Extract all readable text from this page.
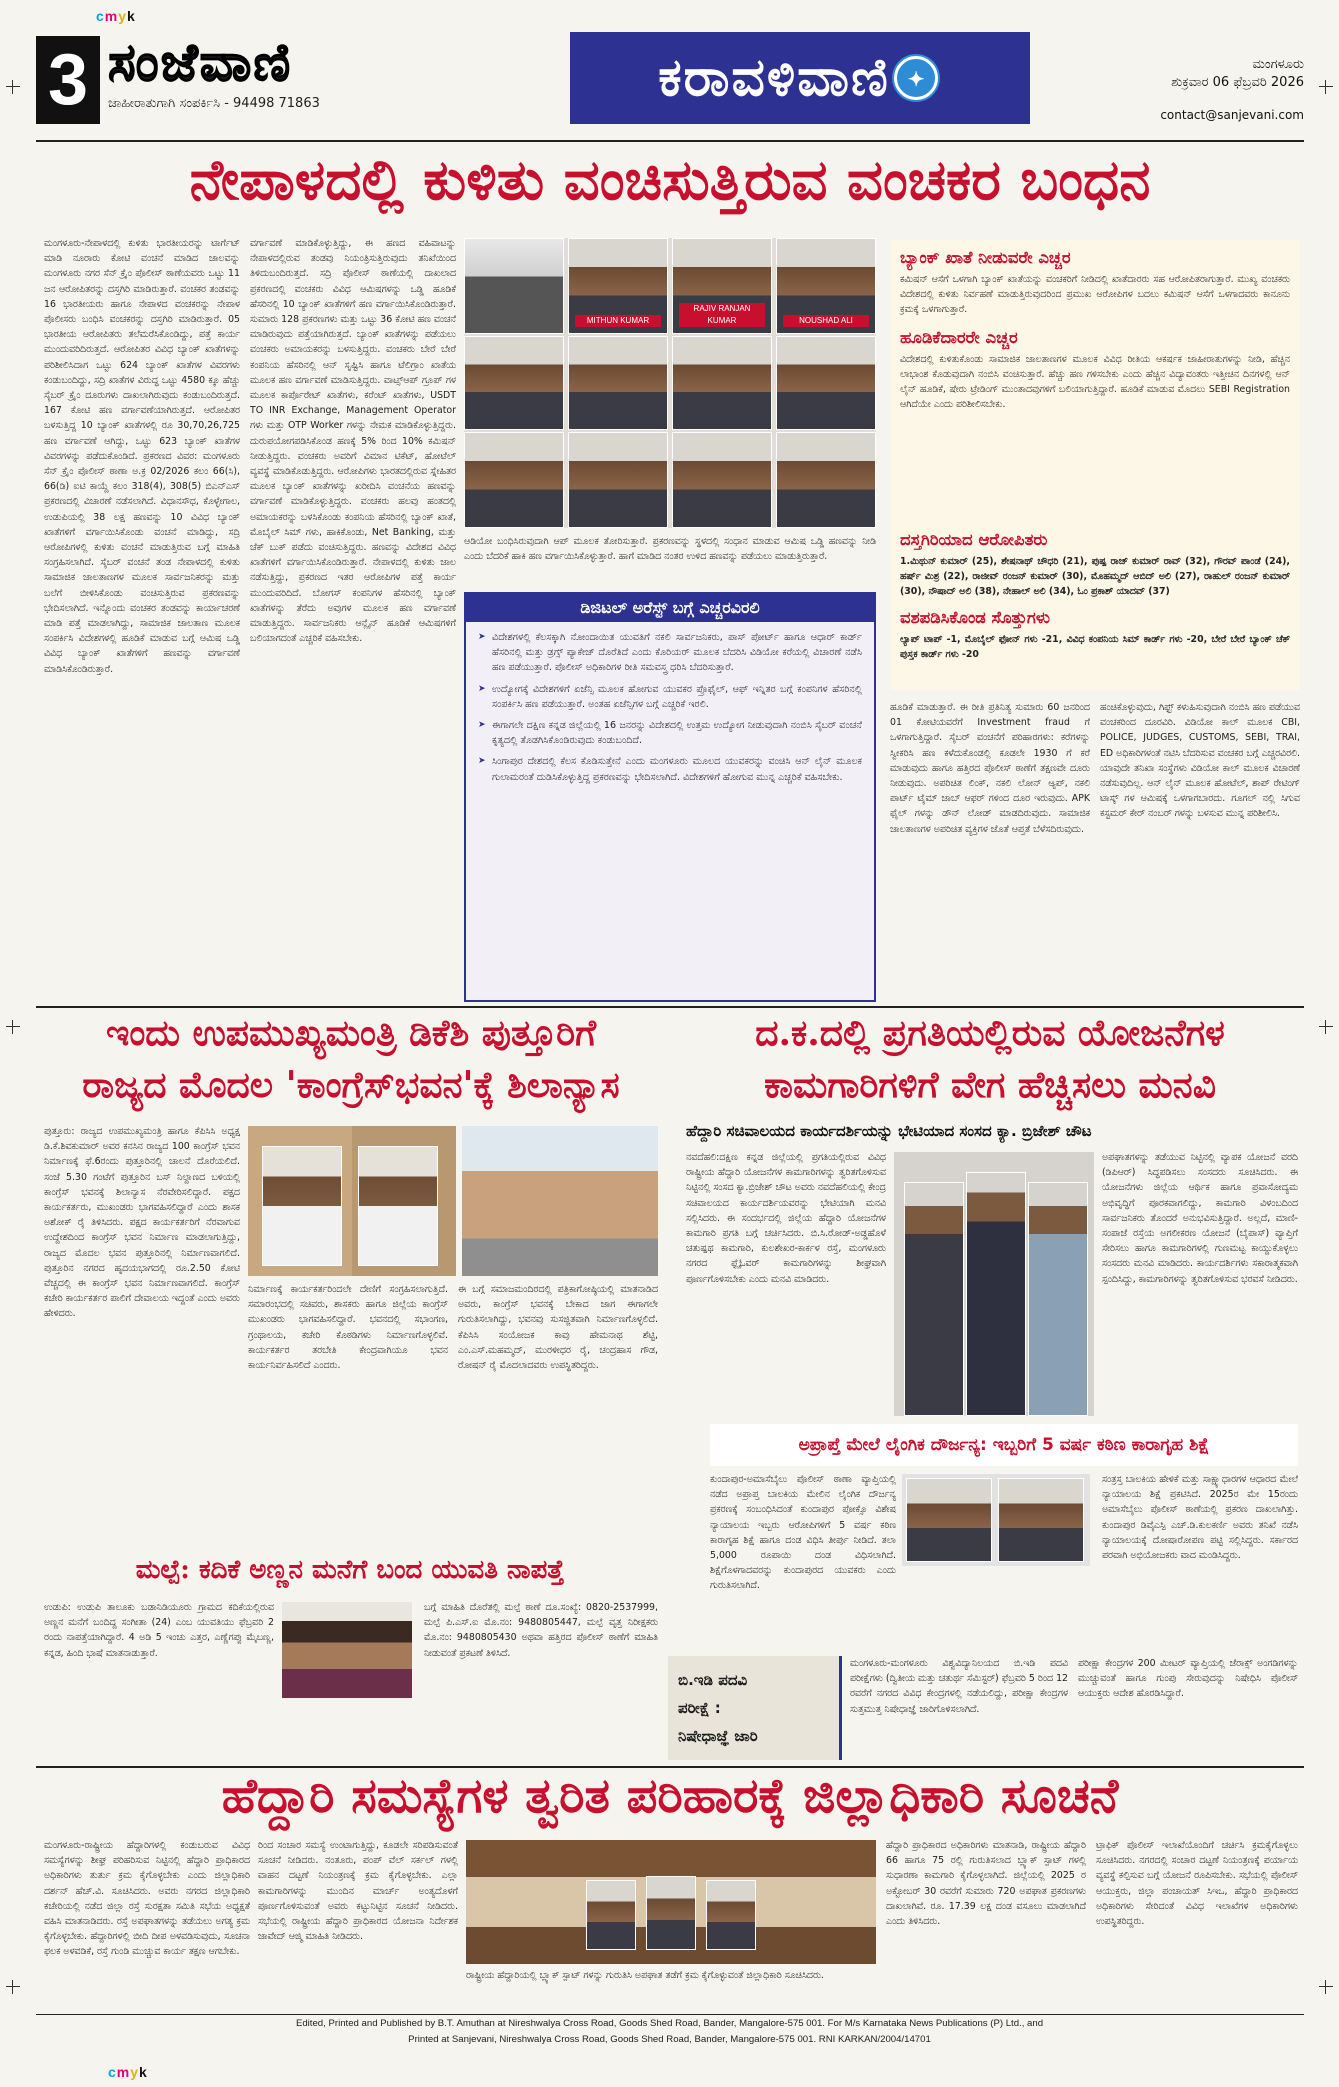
cmyk
cmyk
3 ಸಂಜೆವಾಣಿ
ಜಾಹೀರಾತುಗಾಗಿ ಸಂಪರ್ಕಿಸಿ - 94498 71863	ಕರಾವಳಿವಾಣಿ
✦	ಮಂಗಳೂರು
ಶುಕ್ರವಾರ 06 ಫೆಬ್ರವರಿ 2026
contact@sanjevani.com
ನೇಪಾಳದಲ್ಲಿ ಕುಳಿತು ವಂಚಿಸುತ್ತಿರುವ ವಂಚಕರ ಬಂಧನ
ಮಂಗಳೂರು-ನೇಪಾಳದಲ್ಲಿ ಕುಳಿತು ಭಾರತೀಯರನ್ನು ಟಾರ್ಗೆಟ್ ಮಾಡಿ ನೂರಾರು ಕೋಟಿ ವಂಚನೆ ಮಾಡಿದ ಜಾಲವನ್ನು ಮಂಗಳೂರು ನಗರ ಸೆನ್ ಕ್ರೈಂ ಪೊಲೀಸ್ ಠಾಣೆಯವರು ಒಟ್ಟು 11 ಜನ ಆರೋಪಿತರನ್ನು ದಸ್ತಗಿರಿ ಮಾಡಿರುತ್ತಾರೆ. ವಂಚಕರ ತಂಡವನ್ನು 16 ಭಾರತೀಯರು ಹಾಗೂ ನೇಪಾಳದ ವಂಚಕರನ್ನು ನೇಪಾಳ ಪೊಲೀಸರು ಬಂಧಿಸಿ ವಂಚಕರನ್ನು ದಸ್ತಗಿರಿ ಮಾಡಿರುತ್ತಾರೆ. 05 ಭಾರತೀಯ ಆರೋಪಿತರು ತಲೆಮರೆಸಿಕೊಂಡಿದ್ದು, ಪತ್ತೆ ಕಾರ್ಯ ಮುಂದುವರಿದಿರುತ್ತದೆ. ಆರೋಪಿತರ ವಿವಿಧ ಬ್ಯಾಂಕ್ ಖಾತೆಗಳನ್ನು ಪರಿಶೀಲಿಸಿದಾಗ ಒಟ್ಟು 624 ಬ್ಯಾಂಕ್ ಖಾತೆಗಳ ವಿವರಗಳು ಕಂಡುಬಂದಿದ್ದು, ಸದ್ರಿ ಖಾತೆಗಳ ವಿರುದ್ಧ ಒಟ್ಟು 4580 ಕ್ಕೂ ಹೆಚ್ಚು ಸೈಬರ್ ಕ್ರೈಂ ದೂರುಗಳು ದಾಖಲಾಗಿರುವುದು ಕಂಡುಬಂದಿರುತ್ತದೆ. 167 ಕೋಟಿ ಹಣ ವರ್ಗಾವಣೆಯಾಗಿರುತ್ತದೆ. ಆರೋಪಿತರ ಬಳಸುತ್ತಿದ್ದ 10 ಬ್ಯಾಂಕ್ ಖಾತೆಗಳಲ್ಲಿ ರೂ 30,70,26,725 ಹಣ ವರ್ಗಾವಣೆ ಆಗಿದ್ದು, ಒಟ್ಟು 623 ಬ್ಯಾಂಕ್ ಖಾತೆಗಳ ವಿವರಗಳನ್ನು ಪಡೆದುಕೊಂಡಿದೆ. ಪ್ರಕರಣದ ವಿವರ: ಮಂಗಳೂರು ಸೆನ್ ಕ್ರೈಂ ಪೊಲೀಸ್ ಠಾಣಾ ಅ.ಕ್ರ 02/2026 ಕಲಂ 66(ಸಿ), 66(ಡಿ) ಐಟಿ ಕಾಯ್ದೆ ಕಲಂ 318(4), 308(5) ಬಿಎನ್ಎಸ್ ಪ್ರಕರಣದಲ್ಲಿ ವಿಚಾರಣೆ ನಡೆಸಲಾಗಿದೆ. ವಿಧಾನಸೌಧ, ಕೊಳ್ಳೇಗಾಲ, ಉಡುಪಿಯಲ್ಲಿ 38 ಲಕ್ಷ ಹಣವನ್ನು 10 ವಿವಿಧ ಬ್ಯಾಂಕ್ ಖಾತೆಗಳಿಗೆ ವರ್ಗಾಯಿಸಿಕೊಂಡು ವಂಚನೆ ಮಾಡಿದ್ದು, ಸದ್ರಿ ಆರೋಪಿಗಳಲ್ಲಿ ಕುಳಿತು ವಂಚನೆ ಮಾಡುತ್ತಿರುವ ಬಗ್ಗೆ ಮಾಹಿತಿ ಸಂಗ್ರಹಿಸಲಾಗಿದೆ. ಸೈಬರ್ ವಂಚನೆ ತಂಡ ನೇಪಾಳದಲ್ಲಿ ಕುಳಿತು ಸಾಮಾಜಿಕ ಜಾಲತಾಣಗಳ ಮೂಲಕ ಸಾರ್ವಜನಿಕರನ್ನು ಮತ್ತು ಬಲೆಗೆ ಬೀಳಿಸಿಕೊಂಡು ವಂಚಿಸುತ್ತಿರುವ ಪ್ರಕರಣವನ್ನು ಭೇದಿಸಲಾಗಿದೆ. ಇನ್ನೊಂದು ವಂಚಕರ ತಂಡವನ್ನು ಕಾರ್ಯಾಚರಣೆ ಮಾಡಿ ಪತ್ತೆ ಮಾಡಲಾಗಿದ್ದು, ಸಾಮಾಜಿಕ ಜಾಲತಾಣ ಮೂಲಕ ಸಂಪರ್ಕಿಸಿ ವಿದೇಶಗಳಲ್ಲಿ ಹೂಡಿಕೆ ಮಾಡುವ ಬಗ್ಗೆ ಆಮಿಷ ಒಡ್ಡಿ ವಿವಿಧ ಬ್ಯಾಂಕ್ ಖಾತೆಗಳಿಗೆ ಹಣವನ್ನು ವರ್ಗಾವಣೆ ಮಾಡಿಸಿಕೊಂಡಿರುತ್ತಾರೆ.
ವರ್ಗಾವಣೆ ಮಾಡಿಕೊಳ್ಳುತ್ತಿದ್ದು, ಈ ಹಣದ ವಹಿವಾಟನ್ನು ನೇಪಾಳದಲ್ಲಿರುವ ತಂಡವು ನಿಯಂತ್ರಿಸುತ್ತಿರುವುದು ತನಿಖೆಯಿಂದ ತಿಳಿದುಬಂದಿರುತ್ತದೆ. ಸದ್ರಿ ಪೊಲೀಸ್ ಠಾಣೆಯಲ್ಲಿ ದಾಖಲಾದ ಪ್ರಕರಣದಲ್ಲಿ ವಂಚಕರು ವಿವಿಧ ಆಮಿಷಗಳನ್ನು ಒಡ್ಡಿ ಹೂಡಿಕೆ ಹೆಸರಿನಲ್ಲಿ 10 ಬ್ಯಾಂಕ್ ಖಾತೆಗಳಿಗೆ ಹಣ ವರ್ಗಾಯಿಸಿಕೊಂಡಿರುತ್ತಾರೆ. ಸುಮಾರು 128 ಪ್ರಕರಣಗಳು ಮತ್ತು ಒಟ್ಟು 36 ಕೋಟಿ ಹಣ ವಂಚನೆ ಮಾಡಿರುವುದು ಪತ್ತೆಯಾಗಿರುತ್ತದೆ. ಬ್ಯಾಂಕ್ ಖಾತೆಗಳನ್ನು ಪಡೆಯಲು ವಂಚಕರು ಅಮಾಯಕರನ್ನು ಬಳಸುತ್ತಿದ್ದರು. ವಂಚಕರು ಬೇರೆ ಬೇರೆ ಕಂಪನಿಯ ಹೆಸರಿನಲ್ಲಿ ಆನ್ ಸೃಷ್ಟಿಸಿ ಹಾಗೂ ಟೆಲಿಗ್ರಾಂ ಖಾತೆಯ ಮೂಲಕ ಹಣ ವರ್ಗಾವಣೆ ಮಾಡಿಸುತ್ತಿದ್ದರು. ವಾಟ್ಸ್ಆಪ್ ಗ್ರೂಪ್ ಗಳ ಮೂಲಕ ಕಾರ್ಪೊರೇಟ್ ಖಾತೆಗಳು, ಕರೆಂಟ್ ಖಾತೆಗಳು, USDT TO INR Exchange, Management Operator ಗಳು ಮತ್ತು OTP Worker ಗಳನ್ನು ನೇಮಕ ಮಾಡಿಕೊಳ್ಳುತ್ತಿದ್ದರು. ದುರುಪಯೋಗಪಡಿಸಿಕೊಂಡ ಹಣಕ್ಕೆ 5% ರಿಂದ 10% ಕಮಿಷನ್ ನೀಡುತ್ತಿದ್ದರು. ವಂಚಕರು ಅವರಿಗೆ ವಿಮಾನ ಟಿಕೆಟ್, ಹೋಟೆಲ್ ವ್ಯವಸ್ಥೆ ಮಾಡಿಕೊಡುತ್ತಿದ್ದರು. ಆರೋಪಿಗಳು ಭಾರತದಲ್ಲಿರುವ ಸ್ನೇಹಿತರ ಮೂಲಕ ಬ್ಯಾಂಕ್ ಖಾತೆಗಳನ್ನು ಖರೀದಿಸಿ ವಂಚನೆಯ ಹಣವನ್ನು ವರ್ಗಾವಣೆ ಮಾಡಿಕೊಳ್ಳುತ್ತಿದ್ದರು. ವಂಚಕರು ಹಲವು ಹಂತದಲ್ಲಿ ಅಮಾಯಕರನ್ನು ಬಳಸಿಕೊಂಡು ಕಂಪನಿಯ ಹೆಸರಿನಲ್ಲಿ ಬ್ಯಾಂಕ್ ಖಾತೆ, ಮೊಬೈಲ್ ಸಿಮ್ ಗಳು, ಹಾಕಿಕೊಂಡು, Net Banking, ಮತ್ತು ಚೆಕ್ ಬುಕ್ ಪಡೆದು ವಂಚಿಸುತ್ತಿದ್ದರು. ಹಣವನ್ನು ವಿದೇಶದ ವಿವಿಧ ಖಾತೆಗಳಿಗೆ ವರ್ಗಾಯಿಸಿಕೊಂಡಿರುತ್ತಾರೆ. ನೇಪಾಳದಲ್ಲಿ ಕುಳಿತು ಜಾಲ ನಡೆಸುತ್ತಿದ್ದು, ಪ್ರಕರಣದ ಇತರ ಆರೋಪಿಗಳ ಪತ್ತೆ ಕಾರ್ಯ ಮುಂದುವರಿದಿದೆ. ಬೋಗಸ್ ಕಂಪನಿಗಳ ಹೆಸರಿನಲ್ಲಿ ಬ್ಯಾಂಕ್ ಖಾತೆಗಳನ್ನು ತೆರೆದು ಅವುಗಳ ಮೂಲಕ ಹಣ ವರ್ಗಾವಣೆ ಮಾಡುತ್ತಿದ್ದರು. ಸಾರ್ವಜನಿಕರು ಆನ್ಲೈನ್ ಹೂಡಿಕೆ ಆಮಿಷಗಳಿಗೆ ಬಲಿಯಾಗದಂತೆ ಎಚ್ಚರಿಕೆ ವಹಿಸಬೇಕು.
MITHUN KUMAR
RAJIV RANJAN KUMAR	NOUSHAD ALI
ಆಡಿಯೋ ಬಂಧಿಸಿರುವುದಾಗಿ ಆಪ್ ಮೂಲಕ ತೋರಿಸುತ್ತಾರೆ. ಪ್ರಕರಣವನ್ನು ಸ್ಥಳದಲ್ಲಿ ಸಂಧಾನ ಮಾಡುವ ಆಮಿಷ ಒಡ್ಡಿ ಹಣವನ್ನು ನೀಡಿ ಎಂದು ಬೆದರಿಕೆ ಹಾಕಿ ಹಣ ವರ್ಗಾಯಿಸಿಕೊಳ್ಳುತ್ತಾರೆ. ಹಾಗೆ ಮಾಡಿದ ನಂತರ ಉಳಿದ ಹಣವನ್ನು ಪಡೆಯಲು ಮಾಡುತ್ತಿರುತ್ತಾರೆ.
ಡಿಜಿಟಲ್ ಅರೆಸ್ಟ್ ಬಗ್ಗೆ ಎಚ್ಚರವಿರಲಿ
➤ ವಿದೇಶಗಳಲ್ಲಿ ಕೆಲಸಕ್ಕಾಗಿ ನೋಂದಾಯಿತ ಯುವತಿಗೆ ನಕಲಿ ಸಾರ್ವಜನಿಕರು, ಪಾಸ್ ಪೋರ್ಟ್ ಹಾಗೂ ಆಧಾರ್ ಕಾರ್ಡ್ ಹೆಸರಿನಲ್ಲಿ ಮತ್ತು ಡ್ರಗ್ಸ್ ಪ್ಯಾಕೇಜ್ ದೊರೆತಿದೆ ಎಂದು ಕೊರಿಯರ್ ಮೂಲಕ ಬೆದರಿಸಿ ವಿಡಿಯೋ ಕರೆಯಲ್ಲಿ ವಿಚಾರಣೆ ನಡೆಸಿ ಹಣ ಪಡೆಯುತ್ತಾರೆ. ಪೊಲೀಸ್ ಅಧಿಕಾರಿಗಳ ರೀತಿ ಸಮವಸ್ತ್ರ ಧರಿಸಿ ಬೆದರಿಸುತ್ತಾರೆ.
➤ ಉದ್ಯೋಗಕ್ಕೆ ವಿದೇಶಗಳಿಗೆ ಏಜೆನ್ಸಿ ಮೂಲಕ ಹೋಗುವ ಯುವಕರ ಪ್ರೊಫೈಲ್, ಆಫ್ ಇನ್ನಿತರ ಬಗ್ಗೆ ಕಂಪನಿಗಳ ಹೆಸರಿನಲ್ಲಿ ಸಂಪರ್ಕಿಸಿ ಹಣ ಪಡೆಯುತ್ತಾರೆ. ಅಂತಹ ಏಜೆನ್ಸಿಗಳ ಬಗ್ಗೆ ಎಚ್ಚರಿಕೆ ಇರಲಿ.
➤ ಈಗಾಗಲೇ ದಕ್ಷಿಣ ಕನ್ನಡ ಜಿಲ್ಲೆಯಲ್ಲಿ 16 ಜನರನ್ನು ವಿದೇಶದಲ್ಲಿ ಉತ್ತಮ ಉದ್ಯೋಗ ನೀಡುವುದಾಗಿ ನಂಬಿಸಿ ಸೈಬರ್ ವಂಚನೆ ಕೃತ್ಯದಲ್ಲಿ ತೊಡಗಿಸಿಕೊಂಡಿರುವುದು ಕಂಡುಬಂದಿದೆ.
➤ ಸಿಂಗಾಪುರ ದೇಶದಲ್ಲಿ ಕೆಲಸ ಕೊಡಿಸುತ್ತೇನೆ ಎಂದು ಮಂಗಳೂರು ಮೂಲದ ಯುವಕರನ್ನು ವಂಚಿಸಿ ಆನ್ ಲೈನ್ ಮೂಲಕ ಗುಲಾಮರಂತೆ ದುಡಿಸಿಕೊಳ್ಳುತ್ತಿದ್ದ ಪ್ರಕರಣವನ್ನು ಭೇದಿಸಲಾಗಿದೆ. ವಿದೇಶಗಳಿಗೆ ಹೋಗುವ ಮುನ್ನ ಎಚ್ಚರಿಕೆ ವಹಿಸಬೇಕು.
ಬ್ಯಾಂಕ್ ಖಾತೆ ನೀಡುವರೇ ಎಚ್ಚರ
ಕಮಿಷನ್ ಆಸೆಗೆ ಒಳಗಾಗಿ ಬ್ಯಾಂಕ್ ಖಾತೆಯನ್ನು ವಂಚಕರಿಗೆ ನೀಡಿದಲ್ಲಿ ಖಾತೆದಾರರು ಸಹ ಆರೋಪಿತರಾಗುತ್ತಾರೆ. ಮುಖ್ಯ ವಂಚಕರು ವಿದೇಶದಲ್ಲಿ ಕುಳಿತು ನಿರ್ವಹಣೆ ಮಾಡುತ್ತಿರುವುದರಿಂದ ಪ್ರಮುಖ ಆರೋಪಿಗಳ ಬದಲು ಕಮಿಷನ್ ಆಸೆಗೆ ಒಳಗಾದವರು ಕಾನೂನು ಕ್ರಮಕ್ಕೆ ಒಳಗಾಗುತ್ತಾರೆ.
ಹೂಡಿಕೆದಾರರೇ ಎಚ್ಚರ
ವಿದೇಶದಲ್ಲಿ ಕುಳಿತುಕೊಂಡು ಸಾಮಾಜಿಕ ಜಾಲತಾಣಗಳ ಮೂಲಕ ವಿವಿಧ ರೀತಿಯ ಆಕರ್ಷಕ ಜಾಹೀರಾತುಗಳನ್ನು ನೀಡಿ, ಹೆಚ್ಚಿನ ಲಾಭಾಂಶ ಕೊಡುವುದಾಗಿ ನಂಬಿಸಿ ವಂಚಿಸುತ್ತಾರೆ. ಹೆಚ್ಚು ಹಣ ಗಳಿಸಬೇಕು ಎಂದು ಹೆಚ್ಚಿನ ವಿದ್ಯಾವಂತರು ಇತ್ತೀಚಿನ ದಿನಗಳಲ್ಲಿ ಆನ್ ಲೈನ್ ಹೂಡಿಕೆ, ಷೇರು ಟ್ರೇಡಿಂಗ್ ಮುಂತಾದವುಗಳಿಗೆ ಬಲಿಯಾಗುತ್ತಿದ್ದಾರೆ. ಹೂಡಿಕೆ ಮಾಡುವ ಮೊದಲು SEBI Registration ಆಗಿದೆಯೇ ಎಂದು ಪರಿಶೀಲಿಸಬೇಕು.
ದಸ್ತಗಿರಿಯಾದ ಆರೋಪಿತರು
1.ಮಿಥುನ್ ಕುಮಾರ್ (25), ಶೇಷನಾಥ್ ಚೌಧರಿ (21), ಪುಷ್ಪ ರಾಜ್ ಕುಮಾರ್ ರಾವ್ (32), ಗೌರವ್ ಪಾಂಡೆ (24), ಹರ್ಷ್ ಮಿಶ್ರ (22), ರಾಜೀವ್ ರಂಜನ್ ಕುಮಾರ್ (30), ಮೊಹಮ್ಮದ್ ಆಬಿದ್ ಅಲಿ (27), ರಾಹುಲ್ ರಂಜನ್ ಕುಮಾರ್ (30), ನೌಷಾದ್ ಅಲಿ (38), ನೇಹಾಲ್ ಅಲಿ (34), ಓಂ ಪ್ರಕಾಶ್ ಯಾದವ್ (37)
ವಶಪಡಿಸಿಕೊಂಡ ಸೊತ್ತುಗಳು
ಲ್ಯಾಪ್ ಟಾಪ್ -1, ಮೊಬೈಲ್ ಫೋನ್ ಗಳು -21, ವಿವಿಧ ಕಂಪನಿಯ ಸಿಮ್ ಕಾರ್ಡ್ ಗಳು -20, ಬೇರೆ ಬೇರೆ ಬ್ಯಾಂಕ್ ಚೆಕ್ ಪುಸ್ತಕ ಕಾರ್ಡ್ ಗಳು -20
ಹೂಡಿಕೆ ಮಾಡುತ್ತಾರೆ. ಈ ರೀತಿ ಪ್ರತಿನಿತ್ಯ ಸುಮಾರು 60 ಜನರಿಂದ 01 ಕೋಟಿಯವರೆಗೆ Investment fraud ಗೆ ಒಳಗಾಗುತ್ತಿದ್ದಾರೆ. ಸೈಬರ್ ವಂಚನೆಗೆ ಪರಿಹಾರಗಳು: ಕರೆಗಳನ್ನು ಸ್ವೀಕರಿಸಿ ಹಣ ಕಳೆದುಕೊಂಡಲ್ಲಿ ಕೂಡಲೇ 1930 ಗೆ ಕರೆ ಮಾಡುವುದು ಹಾಗೂ ಹತ್ತಿರದ ಪೊಲೀಸ್ ಠಾಣೆಗೆ ತಕ್ಷಣವೇ ದೂರು ನೀಡುವುದು. ಅಪರಿಚಿತ ಲಿಂಕ್, ನಕಲಿ ಲೋನ್ ಆ್ಯಪ್, ನಕಲಿ ಪಾರ್ಟ್ ಟೈಮ್ ಜಾಬ್ ಆಫರ್ ಗಳಿಂದ ದೂರ ಇರುವುದು. APK ಫೈಲ್ ಗಳನ್ನು ಡೌನ್ ಲೋಡ್ ಮಾಡದಿರುವುದು. ಸಾಮಾಜಿಕ ಜಾಲತಾಣಗಳ ಅಪರಿಚಿತ ವ್ಯಕ್ತಿಗಳ ಜೊತೆ ಆಪ್ತತೆ ಬೆಳೆಸದಿರುವುದು.
ಹಂಚಿಕೊಳ್ಳುವುದು, ಗಿಫ್ಟ್ ಕಳುಹಿಸುವುದಾಗಿ ನಂಬಿಸಿ ಹಣ ಪಡೆಯುವ ವಂಚಕರಿಂದ ದೂರವಿರಿ. ವಿಡಿಯೋ ಕಾಲ್ ಮೂಲಕ CBI, POLICE, JUDGES, CUSTOMS, SEBI, TRAI, ED ಅಧಿಕಾರಿಗಳಂತೆ ನಟಿಸಿ ಬೆದರಿಸುವ ವಂಚಕರ ಬಗ್ಗೆ ಎಚ್ಚರವಿರಲಿ. ಯಾವುದೇ ತನಿಖಾ ಸಂಸ್ಥೆಗಳು ವಿಡಿಯೋ ಕಾಲ್ ಮೂಲಕ ವಿಚಾರಣೆ ನಡೆಸುವುದಿಲ್ಲ. ಆನ್ ಲೈನ್ ಮೂಲಕ ಹೋಟೆಲ್, ಶಾಪ್ ರೇಟಿಂಗ್ ಟಾಸ್ಕ್ ಗಳ ಆಮಿಷಕ್ಕೆ ಒಳಗಾಗಬಾರದು. ಗೂಗಲ್ ನಲ್ಲಿ ಸಿಗುವ ಕಸ್ಟಮರ್ ಕೇರ್ ನಂಬರ್ ಗಳನ್ನು ಬಳಸುವ ಮುನ್ನ ಪರಿಶೀಲಿಸಿ.
ಇಂದು ಉಪಮುಖ್ಯಮಂತ್ರಿ ಡಿಕೆಶಿ ಪುತ್ತೂರಿಗೆ
ರಾಜ್ಯದ ಮೊದಲ 'ಕಾಂಗ್ರೆಸ್‌ಭವನ'ಕ್ಕೆ ಶಿಲಾನ್ಯಾಸ
ಪುತ್ತೂರು: ರಾಜ್ಯದ ಉಪಮುಖ್ಯಮಂತ್ರಿ ಹಾಗೂ ಕೆಪಿಸಿಸಿ ಅಧ್ಯಕ್ಷ ಡಿ.ಕೆ.ಶಿವಕುಮಾರ್ ಅವರ ಕನಸಿನ ರಾಜ್ಯದ 100 ಕಾಂಗ್ರೆಸ್ ಭವನ ನಿರ್ಮಾಣಕ್ಕೆ ಫೆ.6ರಂದು ಪುತ್ತೂರಿನಲ್ಲಿ ಚಾಲನೆ ದೊರೆಯಲಿದೆ. ಸಂಜೆ 5.30 ಗಂಟೆಗೆ ಪುತ್ತೂರಿನ ಬಸ್ ನಿಲ್ದಾಣದ ಬಳಿಯಲ್ಲಿ ಕಾಂಗ್ರೆಸ್ ಭವನಕ್ಕೆ ಶಿಲಾನ್ಯಾಸ ನೆರವೇರಿಸಲಿದ್ದಾರೆ. ಪಕ್ಷದ ಕಾರ್ಯಕರ್ತರು, ಮುಖಂಡರು ಭಾಗವಹಿಸಲಿದ್ದಾರೆ ಎಂದು ಶಾಸಕ ಅಶೋಕ್ ರೈ ತಿಳಿಸಿದರು. ಪಕ್ಷದ ಕಾರ್ಯಕರ್ತರಿಗೆ ನೆರವಾಗುವ ಉದ್ದೇಶದಿಂದ ಕಾಂಗ್ರೆಸ್ ಭವನ ನಿರ್ಮಾಣ ಮಾಡಲಾಗುತ್ತಿದ್ದು, ರಾಜ್ಯದ ಮೊದಲ ಭವನ ಪುತ್ತೂರಿನಲ್ಲಿ ನಿರ್ಮಾಣವಾಗಲಿದೆ. ಪುತ್ತೂರಿನ ನಗರದ ಹೃದಯಭಾಗದಲ್ಲಿ ರೂ.2.50 ಕೋಟಿ ವೆಚ್ಚದಲ್ಲಿ ಈ ಕಾಂಗ್ರೆಸ್ ಭವನ ನಿರ್ಮಾಣವಾಗಲಿದೆ. ಕಾಂಗ್ರೆಸ್ ಕಚೇರಿ ಕಾರ್ಯಕರ್ತರ ಪಾಲಿಗೆ ದೇವಾಲಯ ಇದ್ದಂತೆ ಎಂದು ಅವರು ಹೇಳಿದರು.
ನಿರ್ಮಾಣಕ್ಕೆ ಕಾರ್ಯಕರ್ತರಿಂದಲೇ ದೇಣಿಗೆ ಸಂಗ್ರಹಿಸಲಾಗುತ್ತಿದೆ. ಸಮಾರಂಭದಲ್ಲಿ ಸಚಿವರು, ಶಾಸಕರು ಹಾಗೂ ಜಿಲ್ಲೆಯ ಕಾಂಗ್ರೆಸ್ ಮುಖಂಡರು ಭಾಗವಹಿಸಲಿದ್ದಾರೆ. ಭವನದಲ್ಲಿ ಸಭಾಂಗಣ, ಗ್ರಂಥಾಲಯ, ಕಚೇರಿ ಕೊಠಡಿಗಳು ನಿರ್ಮಾಣಗೊಳ್ಳಲಿವೆ. ಕಾರ್ಯಕರ್ತರ ತರಬೇತಿ ಕೇಂದ್ರವಾಗಿಯೂ ಭವನ ಕಾರ್ಯನಿರ್ವಹಿಸಲಿದೆ ಎಂದರು.
ಈ ಬಗ್ಗೆ ಸಮಾಜಮಂದಿರದಲ್ಲಿ ಪತ್ರಿಕಾಗೋಷ್ಠಿಯಲ್ಲಿ ಮಾತನಾಡಿದ ಅವರು, ಕಾಂಗ್ರೆಸ್ ಭವನಕ್ಕೆ ಬೇಕಾದ ಜಾಗ ಈಗಾಗಲೇ ಗುರುತಿಸಲಾಗಿದ್ದು, ಭವನವು ಸುಸಜ್ಜಿತವಾಗಿ ನಿರ್ಮಾಣಗೊಳ್ಳಲಿದೆ. ಕೆಪಿಸಿಸಿ ಸಂಯೋಜಕ ಕಾವು ಹೇಮನಾಥ ಶೆಟ್ಟಿ, ಎಂ.ಎಸ್.ಮಹಮ್ಮದ್, ಮುರಳೀಧರ ರೈ, ಚಂದ್ರಹಾಸ ಗೌಡ, ರೋಷನ್ ರೈ ಮೊದಲಾದವರು ಉಪಸ್ಥಿತರಿದ್ದರು.
ದ.ಕ.ದಲ್ಲಿ ಪ್ರಗತಿಯಲ್ಲಿರುವ ಯೋಜನೆಗಳ
ಕಾಮಗಾರಿಗಳಿಗೆ ವೇಗ ಹೆಚ್ಚಿಸಲು ಮನವಿ
ಹೆದ್ದಾರಿ ಸಚಿವಾಲಯದ ಕಾರ್ಯದರ್ಶಿಯನ್ನು ಭೇಟಿಯಾದ ಸಂಸದ ಕ್ಯಾ. ಬ್ರಿಜೇಶ್ ಚೌಟ
ನವದೆಹಲಿ:ದಕ್ಷಿಣ ಕನ್ನಡ ಜಿಲ್ಲೆಯಲ್ಲಿ ಪ್ರಗತಿಯಲ್ಲಿರುವ ವಿವಿಧ ರಾಷ್ಟ್ರೀಯ ಹೆದ್ದಾರಿ ಯೋಜನೆಗಳ ಕಾಮಗಾರಿಗಳನ್ನು ತ್ವರಿತಗೊಳಿಸುವ ನಿಟ್ಟಿನಲ್ಲಿ ಸಂಸದ ಕ್ಯಾ.ಬ್ರಿಜೇಶ್ ಚೌಟ ಅವರು ನವದೆಹಲಿಯಲ್ಲಿ ಕೇಂದ್ರ ಸಚಿವಾಲಯದ ಕಾರ್ಯದರ್ಶಿಯವರನ್ನು ಭೇಟಿಯಾಗಿ ಮನವಿ ಸಲ್ಲಿಸಿದರು. ಈ ಸಂದರ್ಭದಲ್ಲಿ ಜಿಲ್ಲೆಯ ಹೆದ್ದಾರಿ ಯೋಜನೆಗಳ ಕಾಮಗಾರಿ ಪ್ರಗತಿ ಬಗ್ಗೆ ಚರ್ಚಿಸಿದರು. ಬಿ.ಸಿ.ರೋಡ್-ಅಡ್ಡಹೊಳೆ ಚತುಷ್ಪಥ ಕಾಮಗಾರಿ, ಕುಲಶೇಖರ-ಕಾರ್ಕಳ ರಸ್ತೆ, ಮಂಗಳೂರು ನಗರದ ಫ್ಲೈಓವರ್ ಕಾಮಗಾರಿಗಳನ್ನು ಶೀಘ್ರವಾಗಿ ಪೂರ್ಣಗೊಳಿಸಬೇಕು ಎಂದು ಮನವಿ ಮಾಡಿದರು.
ಅಪಘಾತಗಳನ್ನು ತಡೆಯುವ ನಿಟ್ಟಿನಲ್ಲಿ ವ್ಯಾಪಕ ಯೋಜನೆ ವರದಿ (ಡಿಪಿಆರ್) ಸಿದ್ಧಪಡಿಸಲು ಸಂಸದರು ಸೂಚಿಸಿದರು. ಈ ಯೋಜನೆಗಳು ಜಿಲ್ಲೆಯ ಆರ್ಥಿಕ ಹಾಗೂ ಪ್ರವಾಸೋದ್ಯಮ ಅಭಿವೃದ್ಧಿಗೆ ಪೂರಕವಾಗಲಿದ್ದು, ಕಾಮಗಾರಿ ವಿಳಂಬದಿಂದ ಸಾರ್ವಜನಿಕರು ತೊಂದರೆ ಅನುಭವಿಸುತ್ತಿದ್ದಾರೆ. ಅಲ್ಲದೆ, ಮಾಣಿ-ಸಂಪಾಜೆ ರಸ್ತೆಯ ಅಗಲೀಕರಣ ಯೋಜನೆ (ಬೈಪಾಸ್) ವ್ಯಾಪ್ತಿಗೆ ಸೇರಿಸಲು ಹಾಗೂ ಕಾಮಗಾರಿಗಳಲ್ಲಿ ಗುಣಮಟ್ಟ ಕಾಯ್ದುಕೊಳ್ಳಲು ಸಂಸದರು ಮನವಿ ಮಾಡಿದರು. ಕಾರ್ಯದರ್ಶಿಗಳು ಸಕಾರಾತ್ಮಕವಾಗಿ ಸ್ಪಂದಿಸಿದ್ದು, ಕಾಮಗಾರಿಗಳನ್ನು ತ್ವರಿತಗೊಳಿಸುವ ಭರವಸೆ ನೀಡಿದರು.
ಅಪ್ರಾಪ್ತೆ ಮೇಲೆ ಲೈಂಗಿಕ ದೌರ್ಜನ್ಯ: ಇಬ್ಬರಿಗೆ 5 ವರ್ಷ ಕಠಿಣ ಕಾರಾಗೃಹ ಶಿಕ್ಷೆ
ಕುಂದಾಪುರ-ಅಮಾಸೆಬೈಲು ಪೊಲೀಸ್ ಠಾಣಾ ವ್ಯಾಪ್ತಿಯಲ್ಲಿ ನಡೆದ ಅಪ್ರಾಪ್ತ ಬಾಲಕಿಯ ಮೇಲಿನ ಲೈಂಗಿಕ ದೌರ್ಜನ್ಯ ಪ್ರಕರಣಕ್ಕೆ ಸಂಬಂಧಿಸಿದಂತೆ ಕುಂದಾಪುರ ಪೋಕ್ಸೊ ವಿಶೇಷ ನ್ಯಾಯಾಲಯ ಇಬ್ಬರು ಆರೋಪಿಗಳಿಗೆ 5 ವರ್ಷ ಕಠಿಣ ಕಾರಾಗೃಹ ಶಿಕ್ಷೆ ಹಾಗೂ ದಂಡ ವಿಧಿಸಿ ತೀರ್ಪು ನೀಡಿದೆ. ತಲಾ 5,000 ರೂಪಾಯಿ ದಂಡ ವಿಧಿಸಲಾಗಿದೆ. ಶಿಕ್ಷೆಗೊಳಗಾದವರನ್ನು ಕುಂದಾಪುರದ ಯುವಕರು ಎಂದು ಗುರುತಿಸಲಾಗಿದೆ.
ಸಂತ್ರಸ್ತ ಬಾಲಕಿಯ ಹೇಳಿಕೆ ಮತ್ತು ಸಾಕ್ಷ್ಯಾಧಾರಗಳ ಆಧಾರದ ಮೇಲೆ ನ್ಯಾಯಾಲಯ ಶಿಕ್ಷೆ ಪ್ರಕಟಿಸಿದೆ. 2025ರ ಮೇ 15ರಂದು ಅಮಾಸೆಬೈಲು ಪೊಲೀಸ್ ಠಾಣೆಯಲ್ಲಿ ಪ್ರಕರಣ ದಾಖಲಾಗಿತ್ತು. ಕುಂದಾಪುರ ಡಿವೈಎಸ್ಪಿ ಎಚ್.ಡಿ.ಕುಲಕರ್ಣಿ ಅವರು ತನಿಖೆ ನಡೆಸಿ ನ್ಯಾಯಾಲಯಕ್ಕೆ ದೋಷಾರೋಪಣ ಪಟ್ಟಿ ಸಲ್ಲಿಸಿದ್ದರು. ಸರ್ಕಾರದ ಪರವಾಗಿ ಅಭಿಯೋಜಕರು ವಾದ ಮಂಡಿಸಿದ್ದರು.
ಮಲ್ಪೆ: ಕದಿಕೆ ಅಣ್ಣನ ಮನೆಗೆ ಬಂದ ಯುವತಿ ನಾಪತ್ತೆ
ಉಡುಪಿ: ಉಡುಪಿ ತಾಲೂಕು ಬಡಾನಿಡಿಯೂರು ಗ್ರಾಮದ ಕದಿಕೆಯಲ್ಲಿರುವ ಅಣ್ಣನ ಮನೆಗೆ ಬಂದಿದ್ದ ಸಂಗೀತಾ (24) ಎಂಬ ಯುವತಿಯು ಫೆಬ್ರವರಿ 2 ರಂದು ನಾಪತ್ತೆಯಾಗಿದ್ದಾರೆ. 4 ಅಡಿ 5 ಇಂಚು ಎತ್ತರ, ಎಣ್ಣೆಗಪ್ಪು ಮೈಬಣ್ಣ, ಕನ್ನಡ, ಹಿಂದಿ ಭಾಷೆ ಮಾತನಾಡುತ್ತಾರೆ.
ಬಗ್ಗೆ ಮಾಹಿತಿ ದೊರೆತಲ್ಲಿ ಮಲ್ಪೆ ಠಾಣೆ ದೂ.ಸಂಖ್ಯೆ: 0820-2537999, ಮಲ್ಪೆ ಪಿ.ಎಸ್.ಐ ಮೊ.ನಂ: 9480805447, ಮಲ್ಪೆ ವೃತ್ತ ನಿರೀಕ್ಷಕರು ಮೊ.ನಂ: 9480805430 ಅಥವಾ ಹತ್ತಿರದ ಪೊಲೀಸ್ ಠಾಣೆಗೆ ಮಾಹಿತಿ ನೀಡುವಂತೆ ಪ್ರಕಟಣೆ ತಿಳಿಸಿದೆ.
ಬಿ.ಇಡಿ ಪದವಿ
ಪರೀಕ್ಷೆ :
ನಿಷೇಧಾಜ್ಞೆ ಜಾರಿ
ಮಂಗಳೂರು-ಮಂಗಳೂರು ವಿಶ್ವವಿದ್ಯಾನಿಲಯದ ಬಿ.ಇಡಿ ಪದವಿ ಪರೀಕ್ಷೆಗಳು (ದ್ವಿತೀಯ ಮತ್ತು ಚತುರ್ಥ ಸೆಮಿಸ್ಟರ್) ಫೆಬ್ರವರಿ 5 ರಿಂದ 12 ರವರೆಗೆ ನಗರದ ವಿವಿಧ ಕೇಂದ್ರಗಳಲ್ಲಿ ನಡೆಯಲಿದ್ದು, ಪರೀಕ್ಷಾ ಕೇಂದ್ರಗಳ ಸುತ್ತಮುತ್ತ ನಿಷೇಧಾಜ್ಞೆ ಜಾರಿಗೊಳಿಸಲಾಗಿದೆ.
ಪರೀಕ್ಷಾ ಕೇಂದ್ರಗಳ 200 ಮೀಟರ್ ವ್ಯಾಪ್ತಿಯಲ್ಲಿ ಜೆರಾಕ್ಸ್ ಅಂಗಡಿಗಳನ್ನು ಮುಚ್ಚುವಂತೆ ಹಾಗೂ ಗುಂಪು ಸೇರುವುದನ್ನು ನಿಷೇಧಿಸಿ ಪೊಲೀಸ್ ಆಯುಕ್ತರು ಆದೇಶ ಹೊರಡಿಸಿದ್ದಾರೆ.
ಹೆದ್ದಾರಿ ಸಮಸ್ಯೆಗಳ ತ್ವರಿತ ಪರಿಹಾರಕ್ಕೆ ಜಿಲ್ಲಾಧಿಕಾರಿ ಸೂಚನೆ
ಮಂಗಳೂರು-ರಾಷ್ಟ್ರೀಯ ಹೆದ್ದಾರಿಗಳಲ್ಲಿ ಕಂಡುಬರುವ ವಿವಿಧ ಸಮಸ್ಯೆಗಳನ್ನು ಶೀಘ್ರ ಪರಿಹರಿಸುವ ನಿಟ್ಟಿನಲ್ಲಿ ಹೆದ್ದಾರಿ ಪ್ರಾಧಿಕಾರದ ಅಧಿಕಾರಿಗಳು ತುರ್ತು ಕ್ರಮ ಕೈಗೊಳ್ಳಬೇಕು ಎಂದು ಜಿಲ್ಲಾಧಿಕಾರಿ ದರ್ಶನ್ ಹೆಚ್.ವಿ. ಸೂಚಿಸಿದರು. ಅವರು ನಗರದ ಜಿಲ್ಲಾಧಿಕಾರಿ ಕಚೇರಿಯಲ್ಲಿ ನಡೆದ ಜಿಲ್ಲಾ ರಸ್ತೆ ಸುರಕ್ಷತಾ ಸಮಿತಿ ಸಭೆಯ ಅಧ್ಯಕ್ಷತೆ ವಹಿಸಿ ಮಾತನಾಡಿದರು. ರಸ್ತೆ ಅಪಘಾತಗಳನ್ನು ತಡೆಯಲು ಅಗತ್ಯ ಕ್ರಮ ಕೈಗೊಳ್ಳಬೇಕು. ಹೆದ್ದಾರಿಗಳಲ್ಲಿ ಬೀದಿ ದೀಪ ಅಳವಡಿಸುವುದು, ಸೂಚನಾ ಫಲಕ ಅಳವಡಿಕೆ, ರಸ್ತೆ ಗುಂಡಿ ಮುಚ್ಚುವ ಕಾರ್ಯ ತಕ್ಷಣ ಆಗಬೇಕು.
ರಿಂದ ಸಂಚಾರ ಸಮಸ್ಯೆ ಉಂಟಾಗುತ್ತಿದ್ದು, ಕೂಡಲೇ ಸರಿಪಡಿಸುವಂತೆ ಸೂಚನೆ ನೀಡಿದರು. ನಂತೂರು, ಪಂಪ್ ವೆಲ್ ಸರ್ಕಲ್ ಗಳಲ್ಲಿ ವಾಹನ ದಟ್ಟಣೆ ನಿಯಂತ್ರಣಕ್ಕೆ ಕ್ರಮ ಕೈಗೊಳ್ಳಬೇಕು. ಎಲ್ಲಾ ಕಾಮಗಾರಿಗಳನ್ನು ಮುಂದಿನ ಮಾರ್ಚ್ ಅಂತ್ಯದೊಳಗೆ ಪೂರ್ಣಗೊಳಿಸುವಂತೆ ಅವರು ಕಟ್ಟುನಿಟ್ಟಿನ ಸೂಚನೆ ನೀಡಿದರು. ಸಭೆಯಲ್ಲಿ ರಾಷ್ಟ್ರೀಯ ಹೆದ್ದಾರಿ ಪ್ರಾಧಿಕಾರದ ಯೋಜನಾ ನಿರ್ದೇಶಕ ಜಾವೇದ್ ಆಜ್ಮಿ ಮಾಹಿತಿ ನೀಡಿದರು.
ರಾಷ್ಟ್ರೀಯ ಹೆದ್ದಾರಿಯಲ್ಲಿ ಬ್ಲ್ಯಾಕ್ ಸ್ಪಾಟ್ ಗಳನ್ನು ಗುರುತಿಸಿ ಅಪಘಾತ ತಡೆಗೆ ಕ್ರಮ ಕೈಗೊಳ್ಳುವಂತೆ ಜಿಲ್ಲಾಧಿಕಾರಿ ಸೂಚಿಸಿದರು.
ಹೆದ್ದಾರಿ ಪ್ರಾಧಿಕಾರದ ಅಧಿಕಾರಿಗಳು ಮಾತನಾಡಿ, ರಾಷ್ಟ್ರೀಯ ಹೆದ್ದಾರಿ 66 ಹಾಗೂ 75 ರಲ್ಲಿ ಗುರುತಿಸಲಾದ ಬ್ಲ್ಯಾಕ್ ಸ್ಪಾಟ್ ಗಳಲ್ಲಿ ಸುಧಾರಣಾ ಕಾಮಗಾರಿ ಕೈಗೊಳ್ಳಲಾಗಿದೆ. ಜಿಲ್ಲೆಯಲ್ಲಿ 2025 ರ ಅಕ್ಟೋಬರ್ 30 ರವರೆಗೆ ಸುಮಾರು 720 ಅಪಘಾತ ಪ್ರಕರಣಗಳು ದಾಖಲಾಗಿವೆ. ರೂ. 17.39 ಲಕ್ಷ ದಂಡ ವಸೂಲು ಮಾಡಲಾಗಿದೆ ಎಂದು ತಿಳಿಸಿದರು.
ಟ್ರಾಫಿಕ್ ಪೊಲೀಸ್ ಇಲಾಖೆಯೊಂದಿಗೆ ಚರ್ಚಿಸಿ ಕ್ರಮಕೈಗೊಳ್ಳಲು ಸೂಚಿಸಿದರು. ನಗರದಲ್ಲಿ ಸಂಚಾರ ದಟ್ಟಣೆ ನಿಯಂತ್ರಣಕ್ಕೆ ಪರ್ಯಾಯ ವ್ಯವಸ್ಥೆ ಕಲ್ಪಿಸುವ ಬಗ್ಗೆ ಯೋಜನೆ ರೂಪಿಸಬೇಕು. ಸಭೆಯಲ್ಲಿ ಪೊಲೀಸ್ ಆಯುಕ್ತರು, ಜಿಲ್ಲಾ ಪಂಚಾಯತ್ ಸಿಇಒ, ಹೆದ್ದಾರಿ ಪ್ರಾಧಿಕಾರದ ಅಧಿಕಾರಿಗಳು ಸೇರಿದಂತೆ ವಿವಿಧ ಇಲಾಖೆಗಳ ಅಧಿಕಾರಿಗಳು ಉಪಸ್ಥಿತರಿದ್ದರು.
Edited, Printed and Published by B.T. Amuthan at Nireshwalya Cross Road, Goods Shed Road, Bander, Mangalore-575 001. For M/s Karnataka News Publications (P) Ltd., and
Printed at Sanjevani, Nireshwalya Cross Road, Goods Shed Road, Bander, Mangalore-575 001. RNI KARKAN/2004/14701
